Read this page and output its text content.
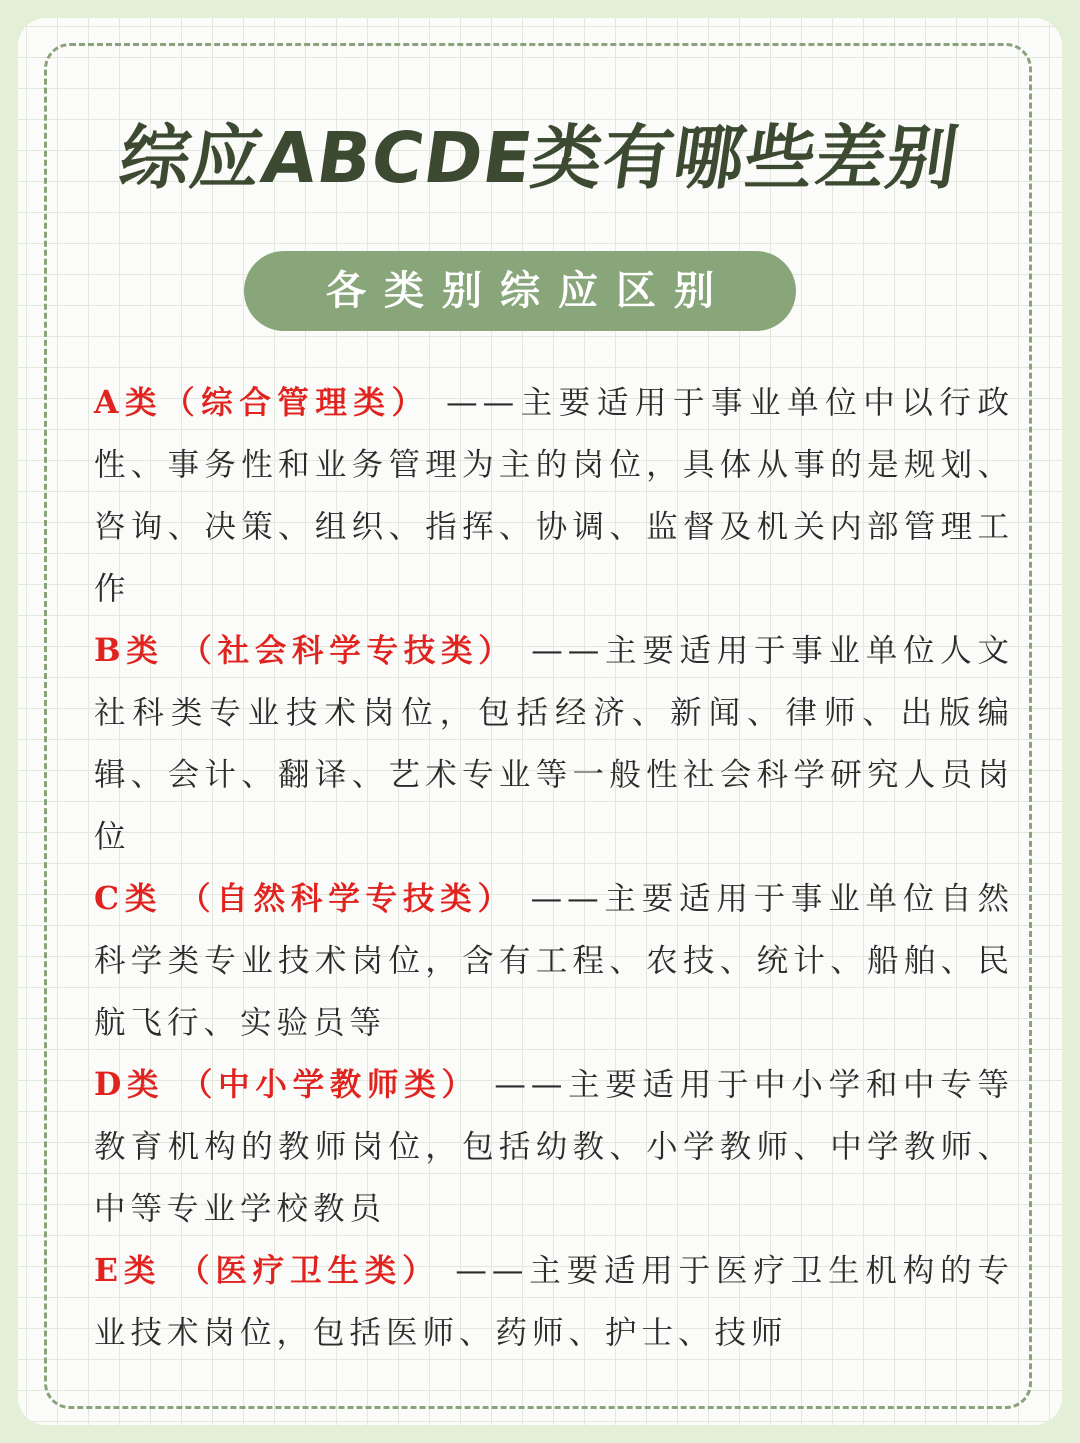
综应ABCDE类有哪些差别
各类别综应区别

A类（综合管理类） ——主要适用于事业单位中以行政性、事务性和业务管理为主的岗位，具体从事的是规划、咨询、决策、组织、指挥、协调、监督及机关内部管理工作

B类 （社会科学专技类） ——主要适用于事业单位人文社科类专业技术岗位，包括经济、新闻、律师、出版编辑、会计、翻译、艺术专业等一般性社会科学研究人员岗位

C类 （自然科学专技类） ——主要适用于事业单位自然科学类专业技术岗位，含有工程、农技、统计、船舶、民航飞行、实验员等

D类 （中小学教师类） ——主要适用于中小学和中专等教育机构的教师岗位，包括幼教、小学教师、中学教师、中等专业学校教员

E类 （医疗卫生类） ——主要适用于医疗卫生机构的专业技术岗位，包括医师、药师、护士、技师
